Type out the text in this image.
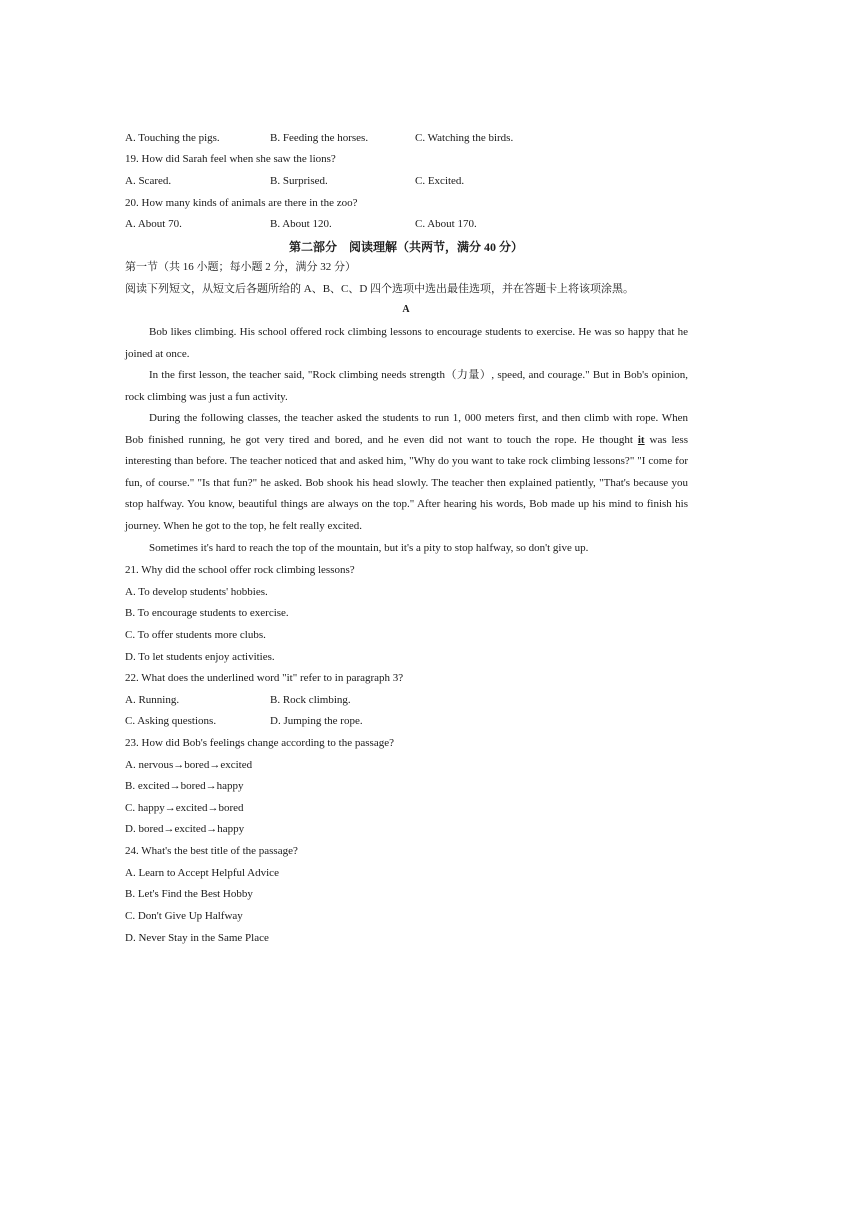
A. Touching the pigs.	B. Feeding the horses.	C. Watching the birds.
19. How did Sarah feel when she saw the lions?
A. Scared.	B. Surprised.	C. Excited.
20. How many kinds of animals are there in the zoo?
A. About 70.	B. About 120.	C. About 170.
第二部分　阅读理解（共两节，满分 40 分）
第一节（共 16 小题；每小题 2 分，满分 32 分）
阅读下列短文，从短文后各题所给的 A、B、C、D 四个选项中选出最佳选项，并在答题卡上将该项涂黑。
A
Bob likes climbing. His school offered rock climbing lessons to encourage students to exercise. He was so happy that he joined at once.
In the first lesson, the teacher said, "Rock climbing needs strength（力量）, speed, and courage." But in Bob's opinion, rock climbing was just a fun activity.
During the following classes, the teacher asked the students to run 1, 000 meters first, and then climb with rope. When Bob finished running, he got very tired and bored, and he even did not want to touch the rope. He thought it was less interesting than before. The teacher noticed that and asked him, "Why do you want to take rock climbing lessons?" "I come for fun, of course." "Is that fun?" he asked. Bob shook his head slowly. The teacher then explained patiently, "That's because you stop halfway. You know, beautiful things are always on the top." After hearing his words, Bob made up his mind to finish his journey. When he got to the top, he felt really excited.
Sometimes it's hard to reach the top of the mountain, but it's a pity to stop halfway, so don't give up.
21. Why did the school offer rock climbing lessons?
A. To develop students' hobbies.
B. To encourage students to exercise.
C. To offer students more clubs.
D. To let students enjoy activities.
22. What does the underlined word "it" refer to in paragraph 3?
A. Running.	B. Rock climbing.
C. Asking questions.	D. Jumping the rope.
23. How did Bob's feelings change according to the passage?
A. nervous→bored→excited
B. excited→bored→happy
C. happy→excited→bored
D. bored→excited→happy
24. What's the best title of the passage?
A. Learn to Accept Helpful Advice
B. Let's Find the Best Hobby
C. Don't Give Up Halfway
D. Never Stay in the Same Place
